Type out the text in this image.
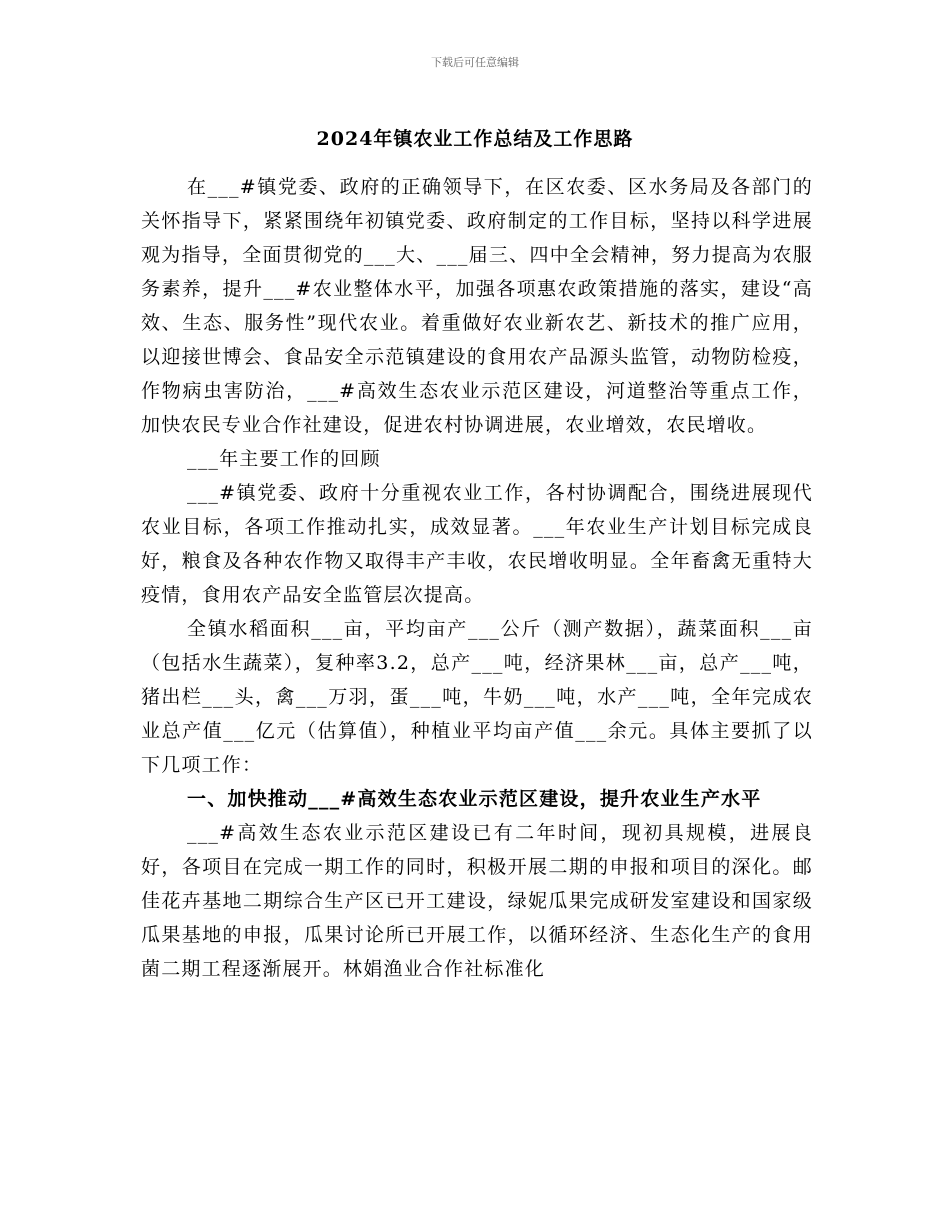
下载后可任意编辑
2024年镇农业工作总结及工作思路

在___#镇党委、政府的正确领导下，在区农委、区水务局及各部门的关怀指导下，紧紧围绕年初镇党委、政府制定的工作目标，坚持以科学进展观为指导，全面贯彻党的___大、___届三、四中全会精神，努力提高为农服务素养，提升___#农业整体水平，加强各项惠农政策措施的落实，建设“高效、生态、服务性”现代农业。着重做好农业新农艺、新技术的推广应用，以迎接世博会、食品安全示范镇建设的食用农产品源头监管，动物防检疫，作物病虫害防治，___#高效生态农业示范区建设，河道整治等重点工作，加快农民专业合作社建设，促进农村协调进展，农业增效，农民增收。

___年主要工作的回顾

___#镇党委、政府十分重视农业工作，各村协调配合，围绕进展现代农业目标，各项工作推动扎实，成效显著。___年农业生产计划目标完成良好，粮食及各种农作物又取得丰产丰收，农民增收明显。全年畜禽无重特大疫情，食用农产品安全监管层次提高。

全镇水稻面积___亩，平均亩产___公斤（测产数据），蔬菜面积___亩（包括水生蔬菜），复种率3.2，总产___吨，经济果林___亩，总产___吨，猪出栏___头，禽___万羽，蛋___吨，牛奶___吨，水产___吨，全年完成农业总产值___亿元（估算值），种植业平均亩产值___余元。具体主要抓了以下几项工作：

一、加快推动___#高效生态农业示范区建设，提升农业生产水平

___#高效生态农业示范区建设已有二年时间，现初具规模，进展良好，各项目在完成一期工作的同时，积极开展二期的申报和项目的深化。邮佳花卉基地二期综合生产区已开工建设，绿妮瓜果完成研发室建设和国家级瓜果基地的申报，瓜果讨论所已开展工作，以循环经济、生态化生产的食用菌二期工程逐渐展开。林娟渔业合作社标准化
